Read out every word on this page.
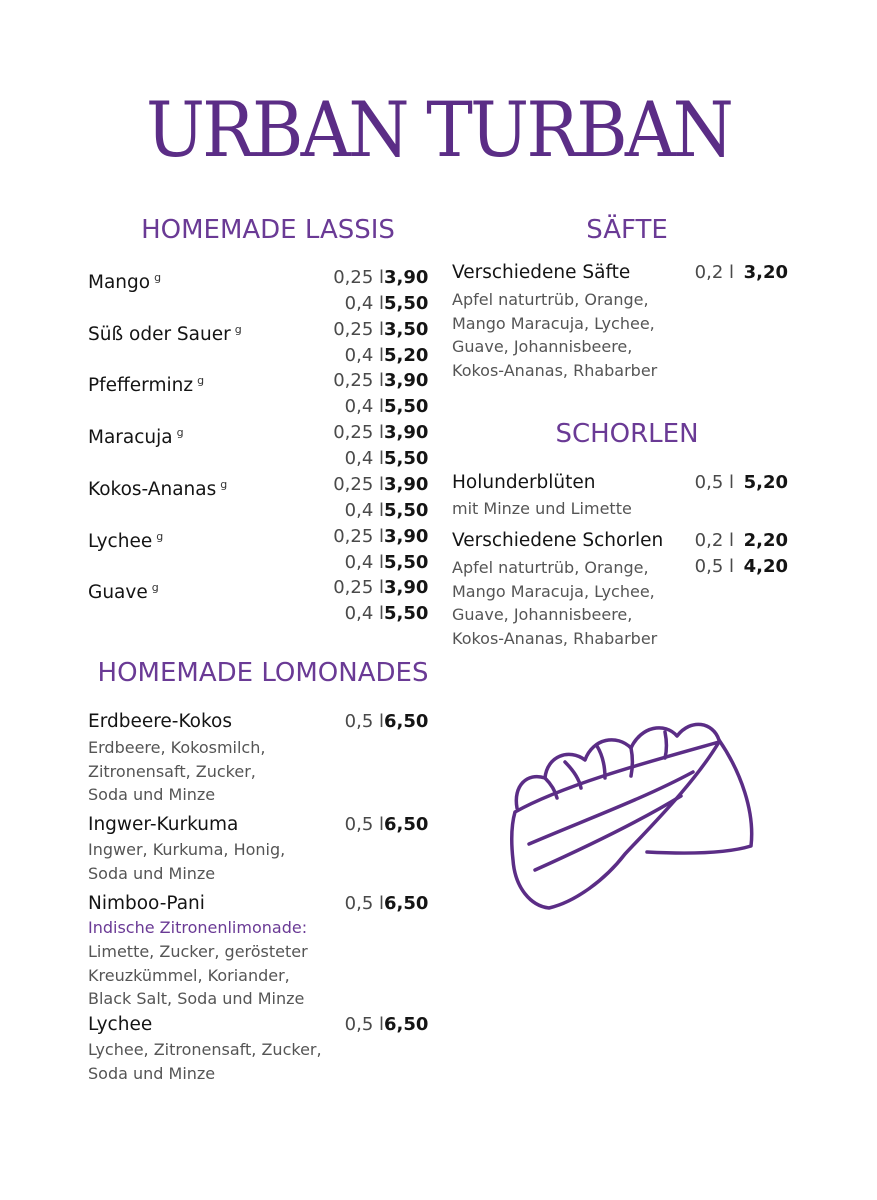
URBAN TURBAN
HOMEMADE LASSIS
Mango $^g$	0,25 l 3,90
0,4 l 5,50
Süß oder Sauer $^g$	0,25 l 3,50
0,4 l 5,20
Pfefferminz $^g$	0,25 l 3,90
0,4 l 5,50
Maracuja $^g$	0,25 l 3,90
0,4 l 5,50
Kokos-Ananas $^g$	0,25 l 3,90
0,4 l 5,50
Lychee $^g$	0,25 l 3,90
0,4 l 5,50
Guave $^g$	0,25 l 3,90
0,4 l 5,50
HOMEMADE LOMONADES
Erdbeere-Kokos	0,5 l 6,50
Erdbeere, Kokosmilch,
Zitronensaft, Zucker,
Soda und Minze
Ingwer-Kurkuma	0,5 l 6,50
Ingwer, Kurkuma, Honig,
Soda und Minze
Nimboo-Pani	0,5 l 6,50
Indische Zitronenlimonade:
Limette, Zucker, gerösteter
Kreuzkümmel, Koriander,
Black Salt, Soda und Minze
Lychee	0,5 l 6,50
Lychee, Zitronensaft, Zucker,
Soda und Minze
SÄFTE
Verschiedene Säfte	0,2 l 3,20
Apfel naturtrüb, Orange,
Mango Maracuja, Lychee,
Guave, Johannisbeere,
Kokos-Ananas, Rhabarber
SCHORLEN
Holunderblüten	0,5 l 5,20
mit Minze und Limette
Verschiedene Schorlen	0,2 l 2,20
0,5 l 4,20
Apfel naturtrüb, Orange,
Mango Maracuja, Lychee,
Guave, Johannisbeere,
Kokos-Ananas, Rhabarber
